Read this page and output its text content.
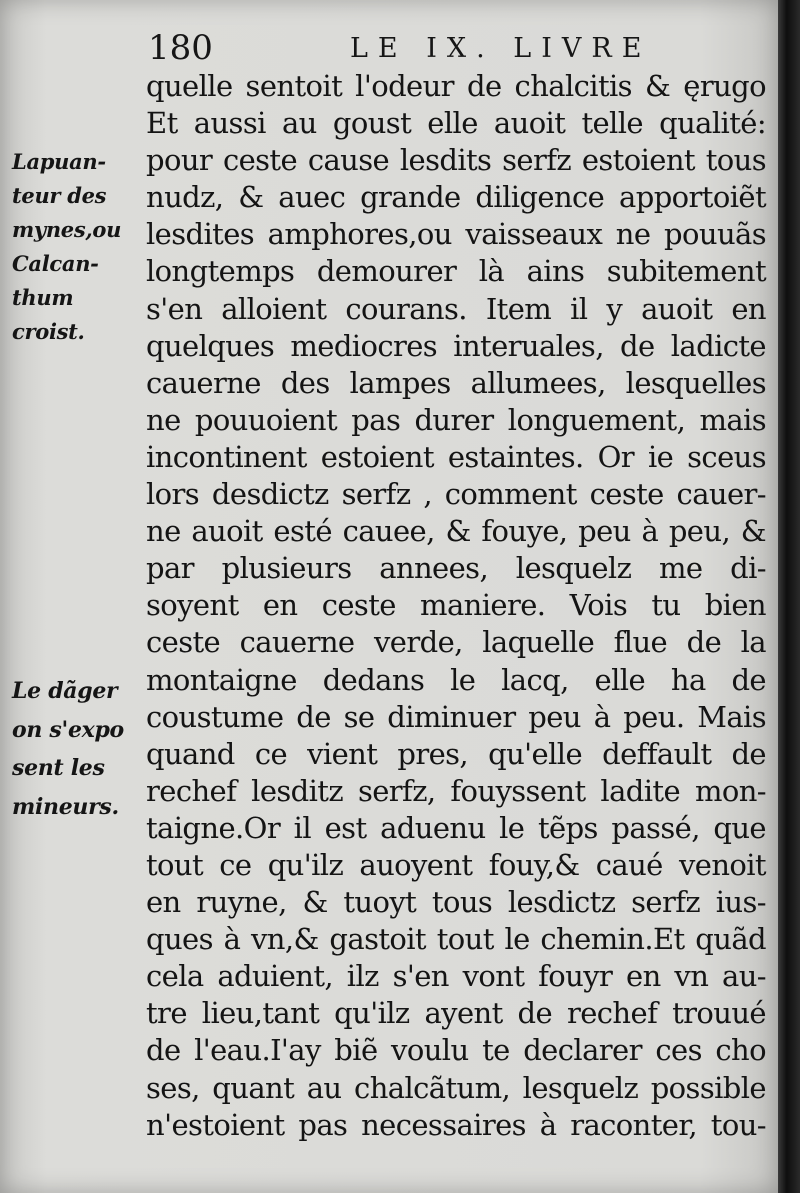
180	LE IX. LIVRE
Lapuan-
teur des
mynes,ou
Calcan-
thum
croist.
Le dãger
on s'expo
sent les
mineurs.
quelle sentoit l'odeur de chalcitis & ęrugo
Et aussi au goust elle auoit telle qualité:
pour ceste cause lesdits serfz estoient tous
nudz, & auec grande diligence apportoiẽt
lesdites amphores,ou vaisseaux ne pouuãs
longtemps demourer là ains subitement
s'en alloient courans. Item il y auoit en
quelques mediocres interuales, de ladicte
cauerne des lampes allumees, lesquelles
ne pouuoient pas durer longuement, mais
incontinent estoient estaintes. Or ie sceus
lors desdictz serfz , comment ceste cauer-
ne auoit esté cauee, & fouye, peu à peu, &
par plusieurs annees, lesquelz me di-
soyent en ceste maniere. Vois tu bien
ceste cauerne verde, laquelle flue de la
montaigne dedans le lacq, elle ha de
coustume de se diminuer peu à peu. Mais
quand ce vient pres, qu'elle deffault de
rechef lesditz serfz, fouyssent ladite mon-
taigne.Or il est aduenu le tẽps passé, que
tout ce qu'ilz auoyent fouy,& caué venoit
en ruyne, & tuoyt tous lesdictz serfz ius-
ques à vn,& gastoit tout le chemin.Et quãd
cela aduient, ilz s'en vont fouyr en vn au-
tre lieu,tant qu'ilz ayent de rechef trouué
de l'eau.I'ay biẽ voulu te declarer ces cho
ses, quant au chalcãtum, lesquelz possible
n'estoient pas necessaires à raconter, tou-
